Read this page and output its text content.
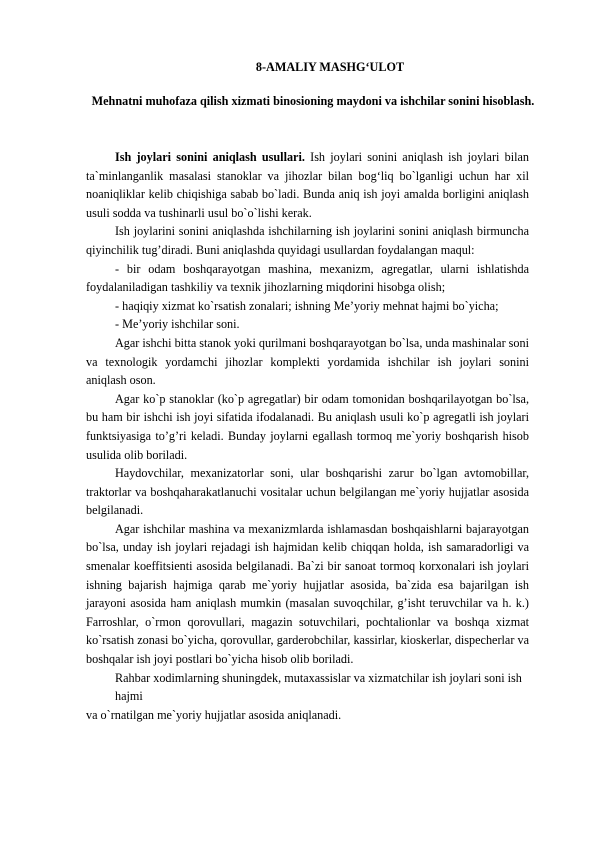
8-AMALIY MASHG‘ULOT
Mehnatni muhofaza qilish xizmati binosioning maydoni va ishchilar sonini hisoblash.

Ish joylari sonini aniqlash usullari. Ish joylari sonini aniqlash ish joylari bilan ta`minlanganlik masalasi stanoklar va jihozlar bilan bog‘liq bo`lganligi uchun har xil noaniqliklar kelib chiqishiga sabab bo`ladi. Bunda aniq ish joyi amalda borligini aniqlash usuli sodda va tushinarli usul bo`o`lishi kerak.

Ish joylarini sonini aniqlashda ishchilarning ish joylarini sonini aniqlash birmuncha qiyinchilik tug’diradi. Buni aniqlashda quyidagi usullardan foydalangan maqul:

- bir odam boshqarayotgan mashina, mexanizm, agregatlar, ularni ishlatishda foydalaniladigan tashkiliy va texnik jihozlarning miqdorini hisobga olish;

- haqiqiy xizmat ko`rsatish zonalari; ishning Me’yoriy mehnat hajmi bo`yicha;

- Me’yoriy ishchilar soni.

Agar ishchi bitta stanok yoki qurilmani boshqarayotgan bo`lsa, unda mashinalar soni va texnologik yordamchi jihozlar komplekti yordamida ishchilar ish joylari sonini aniqlash oson.

Agar ko`p stanoklar (ko`p agregatlar) bir odam tomonidan boshqarilayotgan bo`lsa, bu ham bir ishchi ish joyi sifatida ifodalanadi. Bu aniqlash usuli ko`p agregatli ish joylari funktsiyasiga to’g’ri keladi. Bunday joylarni egallash tormoq me`yoriy boshqarish hisob usulida olib boriladi.

Haydovchilar, mexanizatorlar soni, ular boshqarishi zarur bo`lgan avtomobillar, traktorlar va boshqaharakatlanuchi vositalar uchun belgilangan me`yoriy hujjatlar asosida belgilanadi.

Agar ishchilar mashina va mexanizmlarda ishlamasdan boshqaishlarni bajarayotgan bo`lsa, unday ish joylari rejadagi ish hajmidan kelib chiqqan holda, ish samaradorligi va smenalar koeffitsienti asosida belgilanadi. Ba`zi bir sanoat tormoq korxonalari ish joylari ishning bajarish hajmiga qarab me`yoriy hujjatlar asosida, ba`zida esa bajarilgan ish jarayoni asosida ham aniqlash mumkin (masalan suvoqchilar, g’isht teruvchilar va h. k.) Farroshlar, o`rmon qorovullari, magazin sotuvchilari, pochtalionlar va boshqa xizmat ko`rsatish zonasi bo`yicha, qorovullar, garderobchilar, kassirlar, kioskerlar, dispecherlar va boshqalar ish joyi postlari bo`yicha hisob olib boriladi.

Rahbar xodimlarning shuningdek, mutaxassislar va xizmatchilar ish joylari soni ish hajmi

va o`rnatilgan me`yoriy hujjatlar asosida aniqlanadi.
